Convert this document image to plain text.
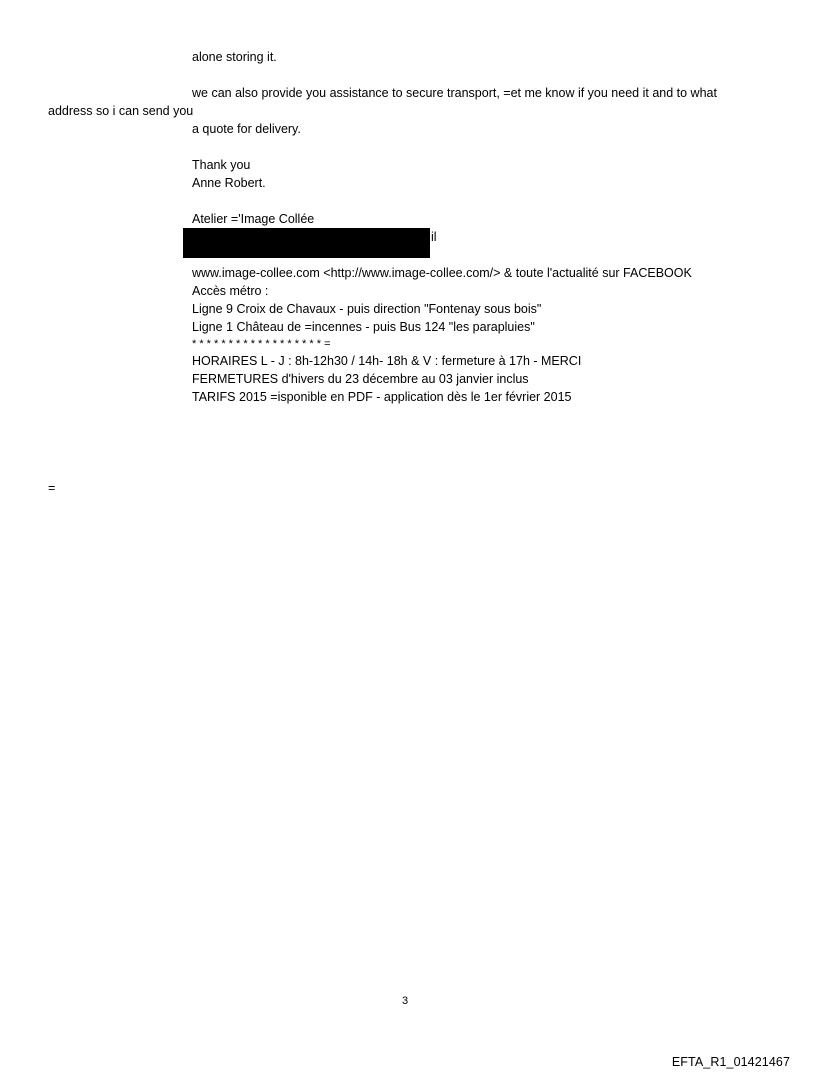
alone storing it.
we can also provide you assistance to secure transport, =et me know if you need it and to what
address so i can send you
a quote for delivery.
Thank you
Anne Robert.
Atelier ='Image Collée
il
www.image-collee.com <http://www.image-collee.com/> & toute l'actualité sur FACEBOOK
Accès métro :
Ligne 9 Croix de Chavaux - puis direction "Fontenay sous bois"
Ligne 1 Château de =incennes - puis Bus 124 "les parapluies"
* * * * * * * * * * * * * * * * * * =
HORAIRES L - J : 8h-12h30 / 14h- 18h & V : fermeture à 17h - MERCI
FERMETURES d'hivers du 23 décembre au 03 janvier inclus
TARIFS 2015 =isponible en PDF - application dès le 1er février 2015
=
3
EFTA_R1_01421467
